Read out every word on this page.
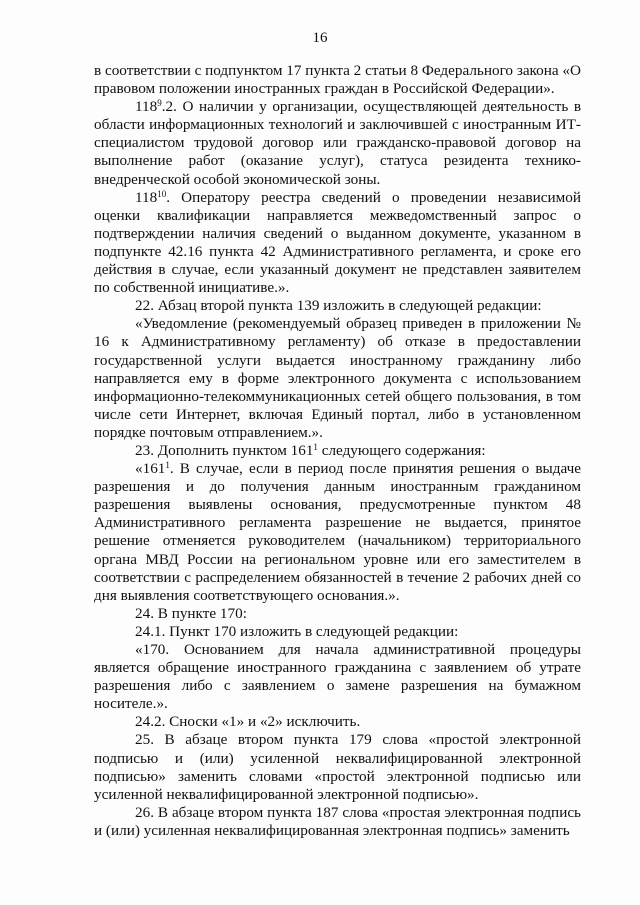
16

в соответствии с подпунктом 17 пункта 2 статьи 8 Федерального закона «О правовом положении иностранных граждан в Российской Федерации».

$118^9.2$. О наличии у организации, осуществляющей деятельность в области информационных технологий и заключившей с иностранным ИТ-специалистом трудовой договор или гражданско-правовой договор на выполнение работ (оказание услуг), статуса резидента технико-внедренческой особой экономической зоны.

$118^{10}$. Оператору реестра сведений о проведении независимой оценки квалификации направляется межведомственный запрос о подтверждении наличия сведений о выданном документе, указанном в подпункте 42.16 пункта 42 Административного регламента, и сроке его действия в случае, если указанный документ не представлен заявителем по собственной инициативе.».

22. Абзац второй пункта 139 изложить в следующей редакции:

«Уведомление (рекомендуемый образец приведен в приложении № 16 к Административному регламенту) об отказе в предоставлении государственной услуги выдается иностранному гражданину либо направляется ему в форме электронного документа с использованием информационно-телекоммуникационных сетей общего пользования, в том числе сети Интернет, включая Единый портал, либо в установленном порядке почтовым отправлением.».

23. Дополнить пунктом $161^1$ следующего содержания:

«$161^1$. В случае, если в период после принятия решения о выдаче разрешения и до получения данным иностранным гражданином разрешения выявлены основания, предусмотренные пунктом 48 Административного регламента разрешение не выдается, принятое решение отменяется руководителем (начальником) территориального органа МВД России на региональном уровне или его заместителем в соответствии с распределением обязанностей в течение 2 рабочих дней со дня выявления соответствующего основания.».

24. В пункте 170:

24.1. Пункт 170 изложить в следующей редакции:

«170. Основанием для начала административной процедуры является обращение иностранного гражданина с заявлением об утрате разрешения либо с заявлением о замене разрешения на бумажном носителе.».

24.2. Сноски «1» и «2» исключить.

25. В абзаце втором пункта 179 слова «простой электронной подписью и (или) усиленной неквалифицированной электронной подписью» заменить словами «простой электронной подписью или усиленной неквалифицированной электронной подписью».

26. В абзаце втором пункта 187 слова «простая электронная подпись и (или) усиленная неквалифицированная электронная подпись» заменить
